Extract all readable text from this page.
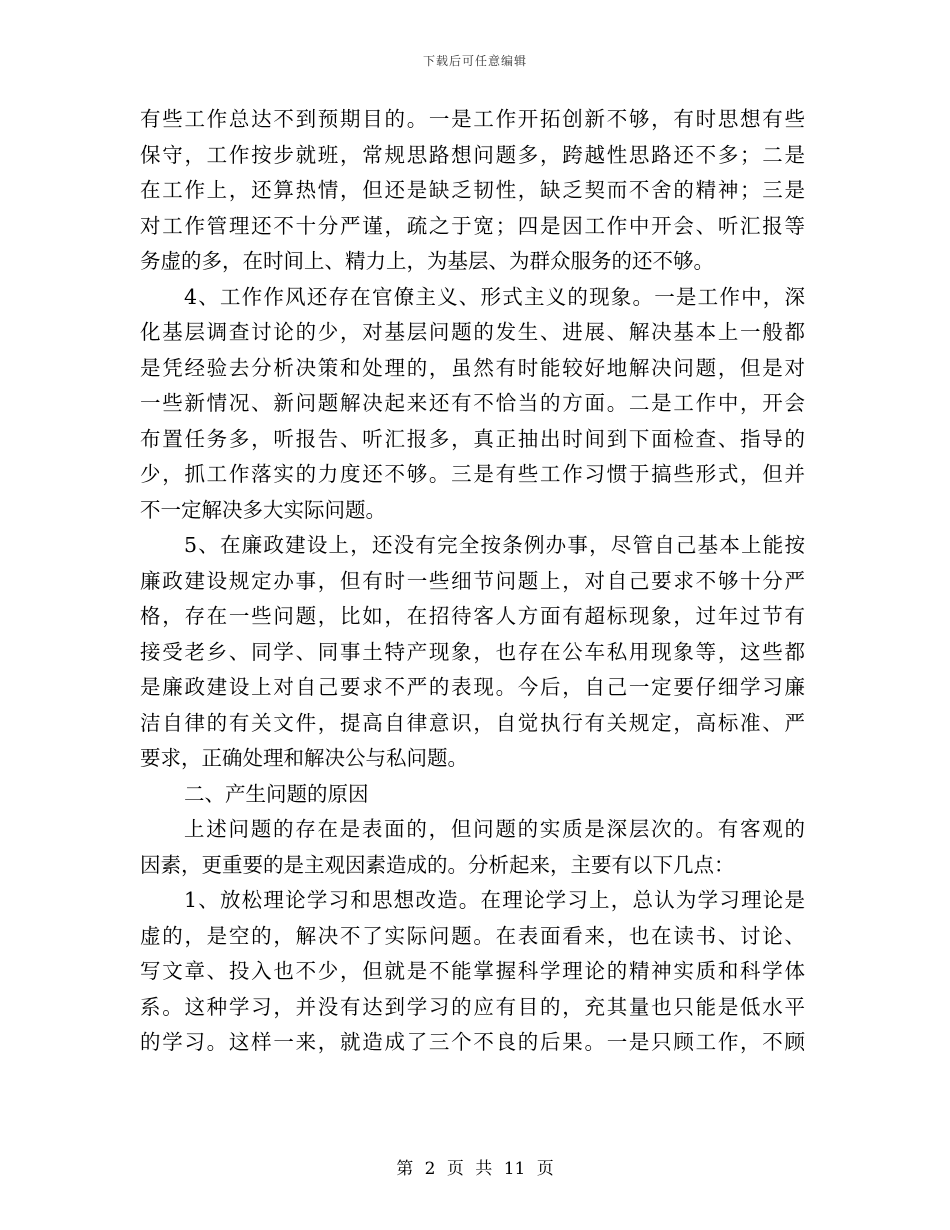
下载后可任意编辑
有些工作总达不到预期目的。一是工作开拓创新不够，有时思想有些
保守，工作按步就班，常规思路想问题多，跨越性思路还不多；二是
在工作上，还算热情，但还是缺乏韧性，缺乏契而不舍的精神；三是
对工作管理还不十分严谨，疏之于宽；四是因工作中开会、听汇报等
务虚的多，在时间上、精力上，为基层、为群众服务的还不够。
4、工作作风还存在官僚主义、形式主义的现象。一是工作中，深
化基层调查讨论的少，对基层问题的发生、进展、解决基本上一般都
是凭经验去分析决策和处理的，虽然有时能较好地解决问题，但是对
一些新情况、新问题解决起来还有不恰当的方面。二是工作中，开会
布置任务多，听报告、听汇报多，真正抽出时间到下面检查、指导的
少，抓工作落实的力度还不够。三是有些工作习惯于搞些形式，但并
不一定解决多大实际问题。
5、在廉政建设上，还没有完全按条例办事，尽管自己基本上能按
廉政建设规定办事，但有时一些细节问题上，对自己要求不够十分严
格，存在一些问题，比如，在招待客人方面有超标现象，过年过节有
接受老乡、同学、同事土特产现象，也存在公车私用现象等，这些都
是廉政建设上对自己要求不严的表现。今后，自己一定要仔细学习廉
洁自律的有关文件，提高自律意识，自觉执行有关规定，高标准、严
要求，正确处理和解决公与私问题。
二、产生问题的原因
上述问题的存在是表面的，但问题的实质是深层次的。有客观的
因素，更重要的是主观因素造成的。分析起来，主要有以下几点：
1、放松理论学习和思想改造。在理论学习上，总认为学习理论是
虚的，是空的，解决不了实际问题。在表面看来，也在读书、讨论、
写文章、投入也不少，但就是不能掌握科学理论的精神实质和科学体
系。这种学习，并没有达到学习的应有目的，充其量也只能是低水平
的学习。这样一来，就造成了三个不良的后果。一是只顾工作，不顾
第 2 页 共 11 页
